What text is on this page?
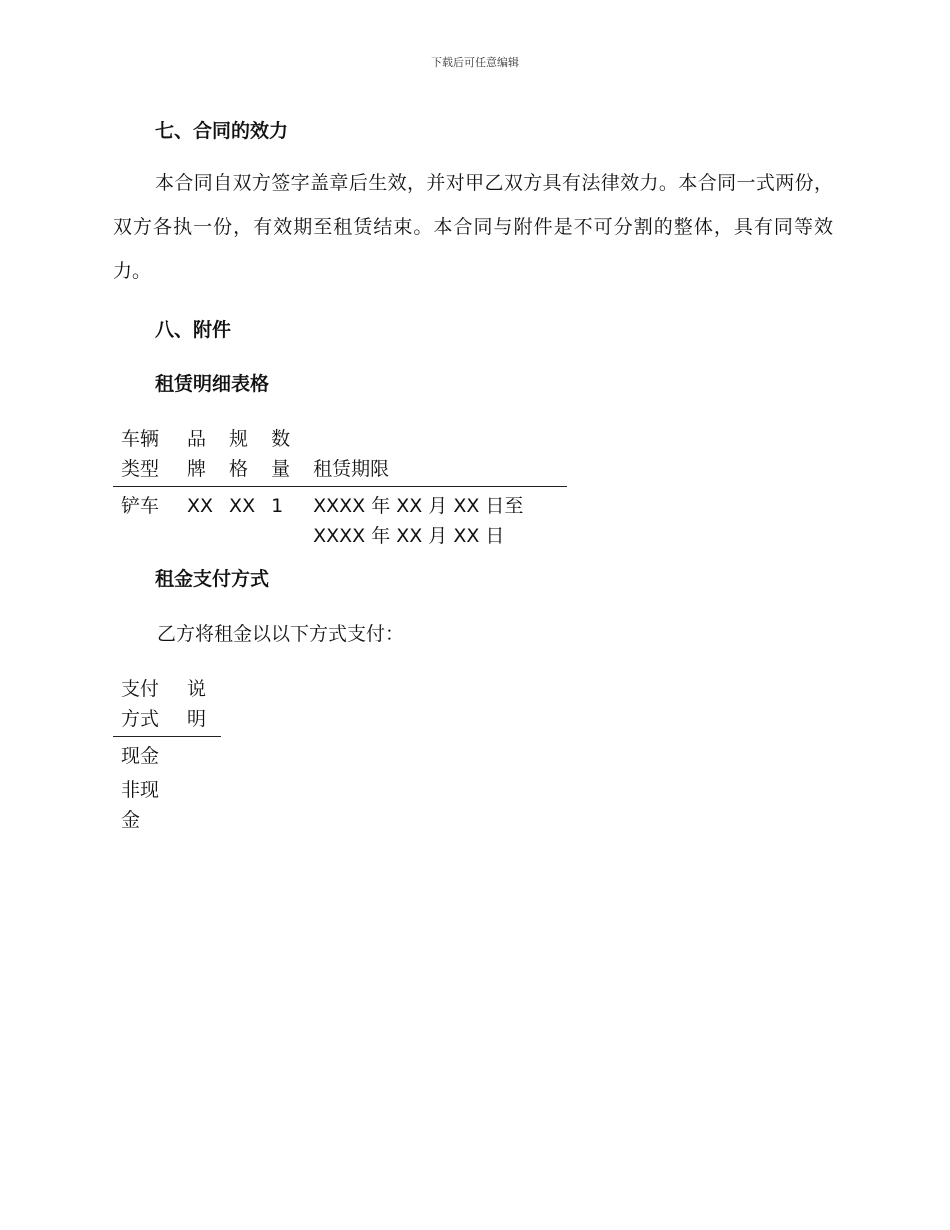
下载后可任意编辑
七、合同的效力

本合同自双方签字盖章后生效，并对甲乙双方具有法律效力。本合同一式两份，双方各执一份，有效期至租赁结束。本合同与附件是不可分割的整体，具有同等效力。

八、附件
租赁明细表格
车辆类型	品牌	规格	数量	租赁期限
铲车	XX	XX	1	XXXX 年 XX 月 XX 日至 XXXX 年 XX 月 XX 日
租金支付方式

乙方将租金以以下方式支付：

支付方式	说明
现金	
非现金	
